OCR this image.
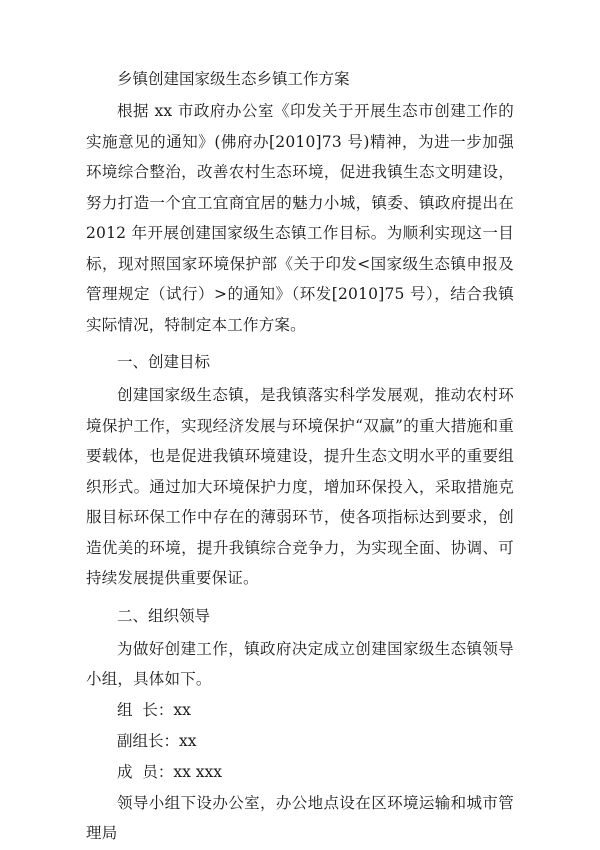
乡镇创建国家级生态乡镇工作方案

根据 xx 市政府办公室《印发关于开展生态市创建工作的实施意见的通知》(佛府办[2010]73 号)精神，为进一步加强环境综合整治，改善农村生态环境，促进我镇生态文明建设，努力打造一个宜工宜商宜居的魅力小城，镇委、镇政府提出在 2012 年开展创建国家级生态镇工作目标。为顺利实现这一目标，现对照国家环境保护部《关于印发<国家级生态镇申报及管理规定（试行）>的通知》（环发[2010]75 号），结合我镇实际情况，特制定本工作方案。

一、创建目标

创建国家级生态镇，是我镇落实科学发展观，推动农村环境保护工作，实现经济发展与环境保护“双赢”的重大措施和重要载体，也是促进我镇环境建设，提升生态文明水平的重要组织形式。通过加大环境保护力度，增加环保投入，采取措施克服目标环保工作中存在的薄弱环节，使各项指标达到要求，创造优美的环境，提升我镇综合竞争力，为实现全面、协调、可持续发展提供重要保证。

二、组织领导

为做好创建工作，镇政府决定成立创建国家级生态镇领导小组，具体如下。

组  长：xx

副组长：xx

成  员：xx xxx

领导小组下设办公室，办公地点设在区环境运输和城市管理局
